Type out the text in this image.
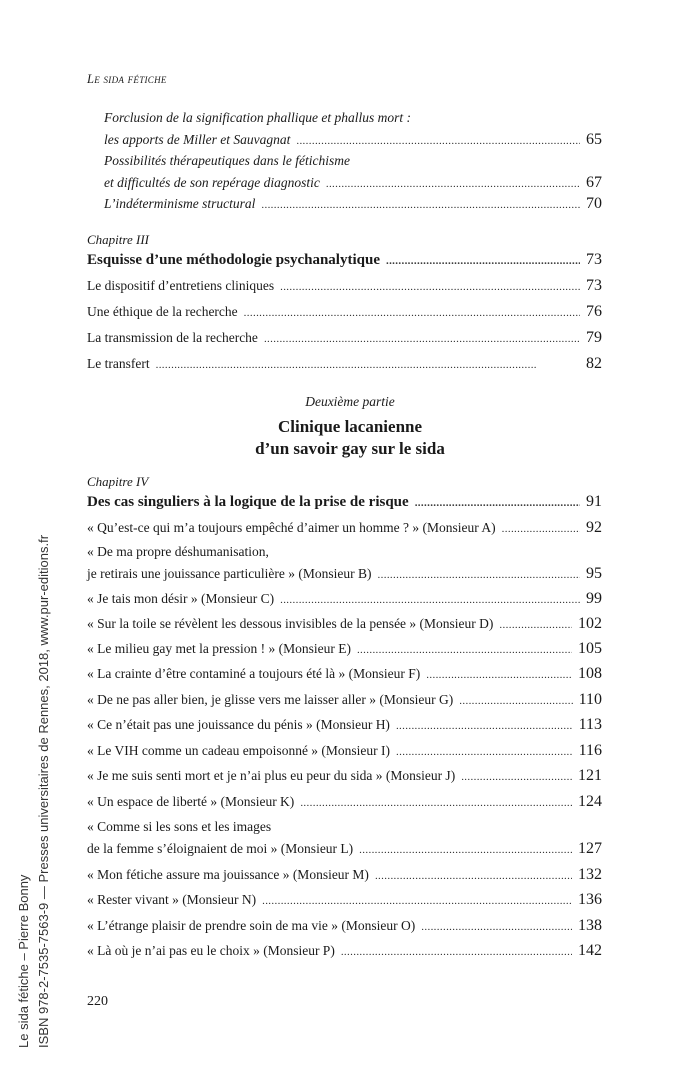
Le sida fétiche
Forclusion de la signification phallique et phallus mort :
les apports de Miller et Sauvagnat . . .	65
Possibilités thérapeutiques dans le fétichisme
et difficultés de son repérage diagnostic . . .	67
L’indéterminisme structural . . .	70
Chapitre III
Esquisse d’une méthodologie psychanalytique . . .	73
Le dispositif d’entretiens cliniques . . .	73
Une éthique de la recherche . . .	76
La transmission de la recherche . . .	79
Le transfert . . .	82
Deuxième partie
Clinique lacanienne
d’un savoir gay sur le sida
Chapitre IV
Des cas singuliers à la logique de la prise de risque . . .	91
« Qu’est-ce qui m’a toujours empêché d’aimer un homme ? » (Monsieur A) . . .	92
« De ma propre déshumanisation,
je retirais une jouissance particulière » (Monsieur B) . . .	95
« Je tais mon désir » (Monsieur C) . . .	99
« Sur la toile se révèlent les dessous invisibles de la pensée » (Monsieur D) . . .	102
« Le milieu gay met la pression ! » (Monsieur E) . . .	105
« La crainte d’être contaminé a toujours été là » (Monsieur F) . . .	108
« De ne pas aller bien, je glisse vers me laisser aller » (Monsieur G) . . .	110
« Ce n’était pas une jouissance du pénis » (Monsieur H) . . .	113
« Le VIH comme un cadeau empoisonné » (Monsieur I) . . .	116
« Je me suis senti mort et je n’ai plus eu peur du sida » (Monsieur J) . . .	121
« Un espace de liberté » (Monsieur K) . . .	124
« Comme si les sons et les images
de la femme s’éloignaient de moi » (Monsieur L) . . .	127
« Mon fétiche assure ma jouissance » (Monsieur M) . . .	132
« Rester vivant » (Monsieur N) . . .	136
« L’étrange plaisir de prendre soin de ma vie » (Monsieur O) . . .	138
« Là où je n’ai pas eu le choix » (Monsieur P) . . .	142
220
Le sida fétiche – Pierre Bonny ISBN 978-2-7535-7563-9 — Presses universitaires de Rennes, 2018, www.pur-editions.fr
